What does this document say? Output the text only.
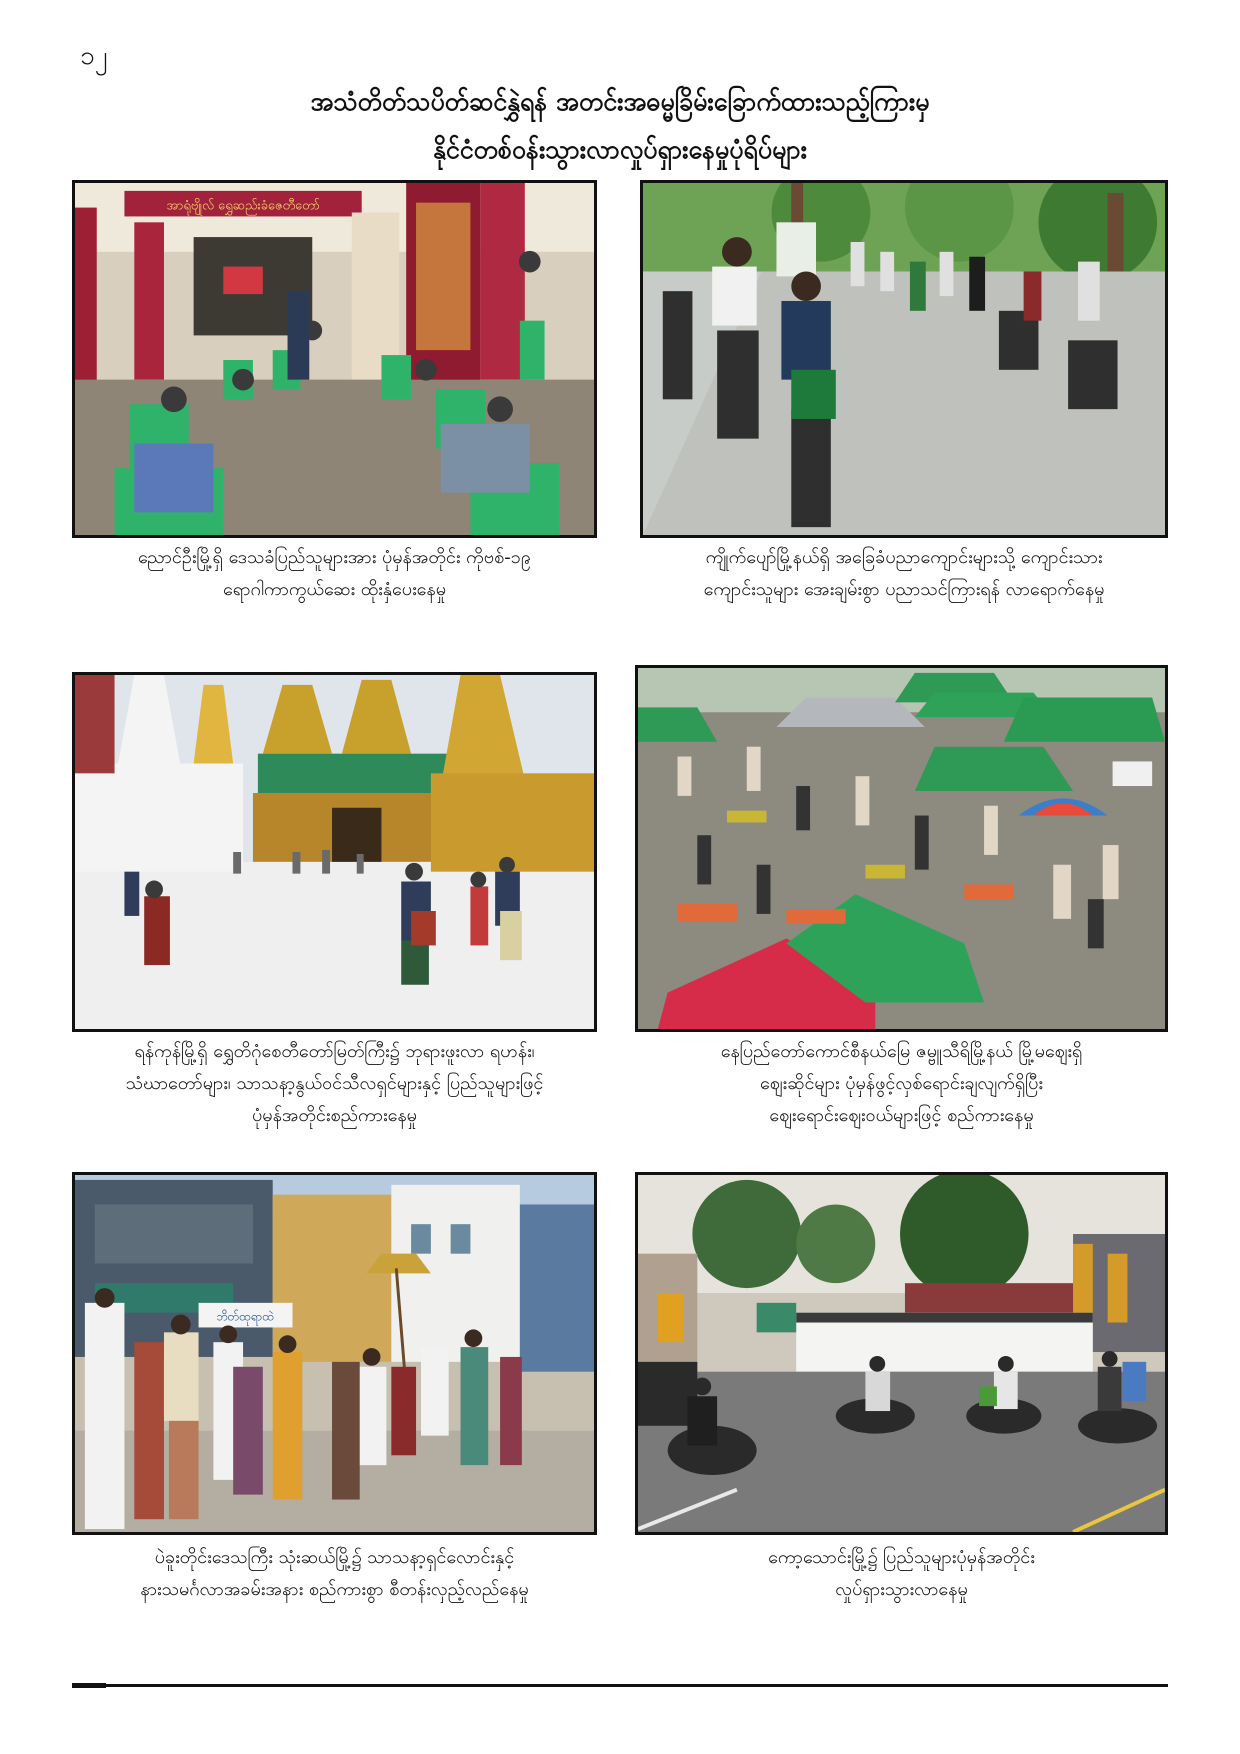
၁၂
အသံတိတ်သပိတ်ဆင်နွှဲရန် အတင်းအဓမ္မခြိမ်းခြောက်ထားသည့်ကြားမှ
နိုင်ငံတစ်ဝန်းသွားလာလှုပ်ရှားနေမှုပုံရိပ်များ
အာရုံဗျိုလ် ရွှေဆည်းခံဇေတီတော်
ညောင်ဦးမြို့ရှိ ဒေသခံပြည်သူများအား ပုံမှန်အတိုင်း ကိုဗစ်-၁၉
ရောဂါကာကွယ်ဆေး ထိုးနှံပေးနေမှု
ကျိုက်ပျော်မြို့နယ်ရှိ အခြေခံပညာကျောင်းများသို့ ကျောင်းသား
ကျောင်းသူများ အေးချမ်းစွာ ပညာသင်ကြားရန် လာရောက်နေမှု
ရန်ကုန်မြို့ရှိ ရွှေတိဂုံစေတီတော်မြတ်ကြီး၌ ဘုရားဖူးလာ ရဟန်း၊
သံဃာတော်များ၊ သာသနာ့နွယ်ဝင်သီလရှင်များနှင့် ပြည်သူများဖြင့်
ပုံမှန်အတိုင်းစည်ကားနေမှု
နေပြည်တော်ကောင်စီနယ်မြေ ဇမ္ဗူသီရိမြို့နယ် မြို့မဈေးရှိ
ဈေးဆိုင်များ ပုံမှန်ဖွင့်လှစ်ရောင်းချလျက်ရှိပြီး
ဈေးရောင်းဈေးဝယ်များဖြင့် စည်ကားနေမှု
ဘိတ်ထုရာထဲ
ပဲခူးတိုင်းဒေသကြီး သုံးဆယ်မြို့၌ သာသနာ့ရှင်လောင်းနှင့်
နားသမင်္ဂလာအခမ်းအနား စည်ကားစွာ စီတန်းလှည့်လည်နေမှု
ကော့သောင်းမြို့၌ ပြည်သူများပုံမှန်အတိုင်း
လှုပ်ရှားသွားလာနေမှု
